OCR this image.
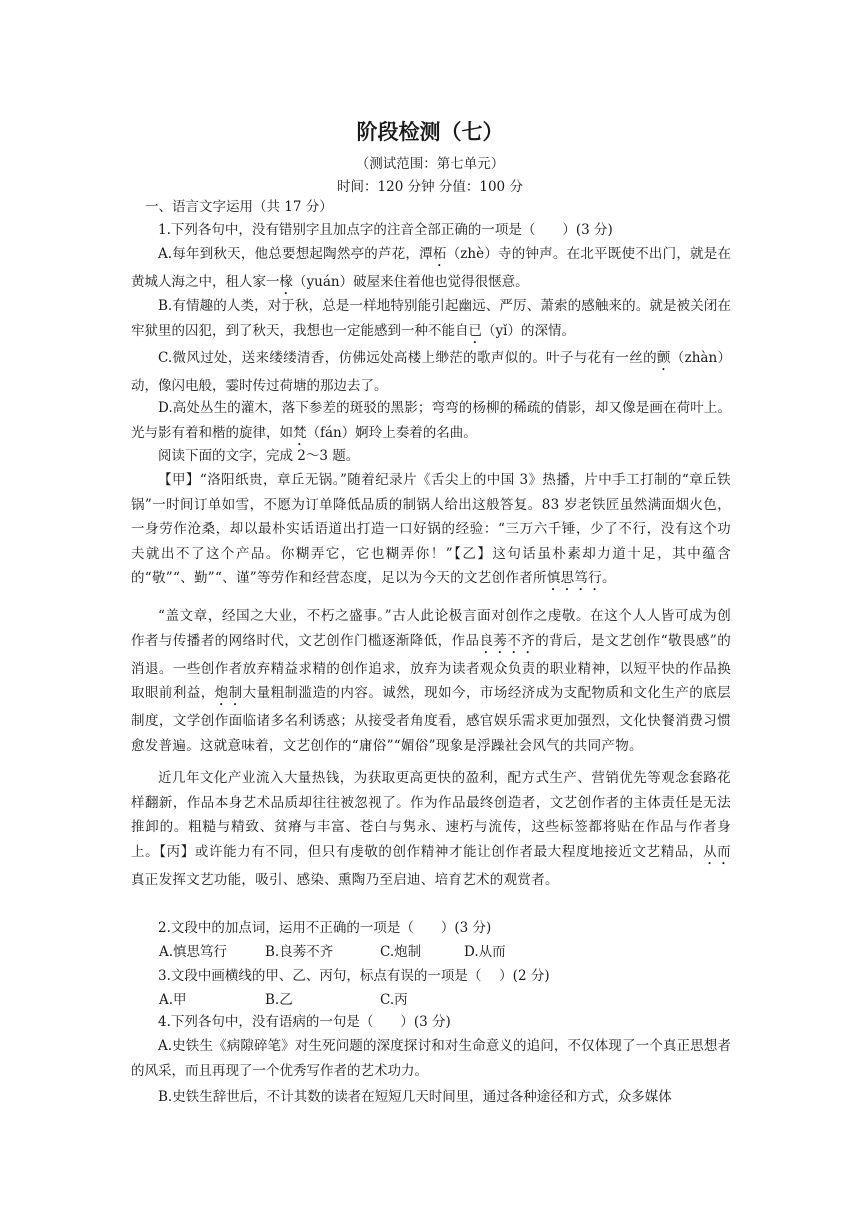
阶段检测（七）
（测试范围：第七单元）
时间：120 分钟 分值：100 分

一、语言文字运用（共 17 分）

1.下列各句中，没有错别字且加点字的注音全部正确的一项是（　　）(3 分)

A.每年到秋天，他总要想起陶然亭的芦花，潭柘（zhè）寺的钟声。在北平既使不出门，就是在黄城人海之中，租人家一椽（yuán）破屋来住着他也觉得很惬意。

B.有情趣的人类，对于秋，总是一样地特别能引起幽远、严厉、萧索的感触来的。就是被关闭在牢狱里的囚犯，到了秋天，我想也一定能感到一种不能自已（yǐ）的深情。

C.微风过处，送来缕缕清香，仿佛远处高楼上缈茫的歌声似的。叶子与花有一丝的颤（zhàn）动，像闪电般，霎时传过荷塘的那边去了。

D.高处丛生的灌木，落下参差的斑驳的黑影；弯弯的杨柳的稀疏的倩影，却又像是画在荷叶上。光与影有着和楷的旋律，如梵（fán）婀玲上奏着的名曲。

阅读下面的文字，完成 2～3 题。

【甲】“洛阳纸贵，章丘无锅。”随着纪录片《舌尖上的中国 3》热播，片中手工打制的“章丘铁锅”一时间订单如雪，不愿为订单降低品质的制锅人给出这般答复。83 岁老铁匠虽然满面烟火色，一身劳作沧桑，却以最朴实话语道出打造一口好锅的经验：“三万六千锤，少了不行，没有这个功夫就出不了这个产品。你糊弄它，它也糊弄你！”【乙】这句话虽朴素却力道十足，其中蕴含的“敬”“、勤”“、谨”等劳作和经营态度，足以为今天的文艺创作者所慎思笃行。

“盖文章，经国之大业，不朽之盛事。”古人此论极言面对创作之虔敬。在这个人人皆可成为创作者与传播者的网络时代，文艺创作门槛逐渐降低，作品良莠不齐的背后，是文艺创作“敬畏感”的消退。一些创作者放弃精益求精的创作追求，放弃为读者观众负责的职业精神，以短平快的作品换取眼前利益，炮制大量粗制滥造的内容。诚然，现如今，市场经济成为支配物质和文化生产的底层制度，文学创作面临诸多名利诱惑；从接受者角度看，感官娱乐需求更加强烈，文化快餐消费习惯愈发普遍。这就意味着，文艺创作的“庸俗”“媚俗”现象是浮躁社会风气的共同产物。

近几年文化产业流入大量热钱，为获取更高更快的盈利，配方式生产、营销优先等观念套路花样翻新，作品本身艺术品质却往往被忽视了。作为作品最终创造者，文艺创作者的主体责任是无法推卸的。粗糙与精致、贫瘠与丰富、苍白与隽永、速朽与流传，这些标签都将贴在作品与作者身上。【丙】或许能力有不同，但只有虔敬的创作精神才能让创作者最大程度地接近文艺精品，从而真正发挥文艺功能，吸引、感染、熏陶乃至启迪、培育艺术的观赏者。

2.文段中的加点词，运用不正确的一项是（　　）(3 分)

A.慎思笃行	B.良莠不齐	C.炮制	D.从而

3.文段中画横线的甲、乙、丙句，标点有误的一项是（　 ）(2 分)

A.甲	B.乙	C.丙

4.下列各句中，没有语病的一句是（　　）(3 分)

A.史铁生《病隙碎笔》对生死问题的深度探讨和对生命意义的追问，不仅体现了一个真正思想者的风采，而且再现了一个优秀写作者的艺术功力。

B.史铁生辞世后，不计其数的读者在短短几天时间里，通过各种途径和方式，众多媒体
